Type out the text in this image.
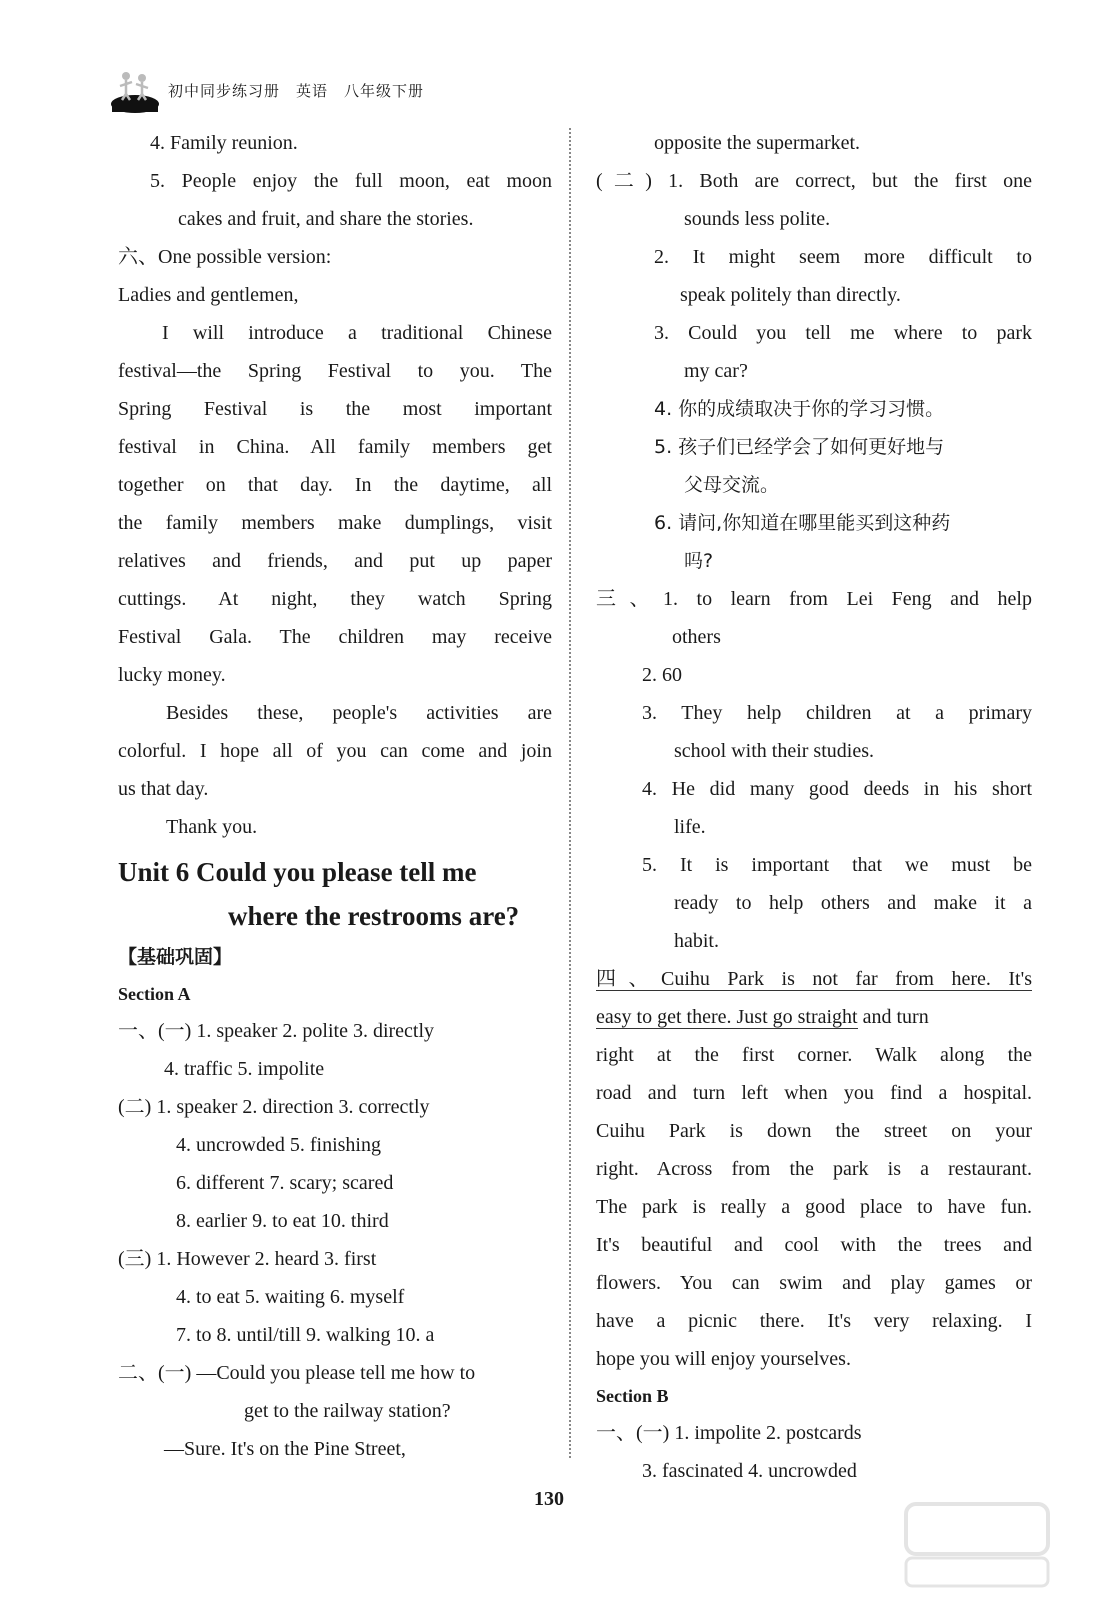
初中同步练习册 英语 八年级下册
4. Family reunion.
5. People enjoy the full moon, eat moon
cakes and fruit, and share the stories.
六、One possible version:
Ladies and gentlemen,
I will introduce a traditional Chinese
festival—the Spring Festival to you. The
Spring Festival is the most important
festival in China. All family members get
together on that day. In the daytime, all
the family members make dumplings, visit
relatives and friends, and put up paper
cuttings. At night, they watch Spring
Festival Gala. The children may receive
lucky money.
Besides these, people's activities are
colorful. I hope all of you can come and join
us that day.
Thank you.
Unit 6 Could you please tell me
where the restrooms are?
【基础巩固】
Section A
一、(一) 1. speaker 2. polite 3. directly
4. traffic 5. impolite
(二) 1. speaker 2. direction 3. correctly
4. uncrowded 5. finishing
6. different 7. scary; scared
8. earlier 9. to eat 10. third
(三) 1. However 2. heard 3. first
4. to eat 5. waiting 6. myself
7. to 8. until/till 9. walking 10. a
二、(一) —Could you please tell me how to
get to the railway station?
—Sure. It's on the Pine Street,
opposite the supermarket.
(二) 1. Both are correct, but the first one
sounds less polite.
2. It might seem more difficult to
speak politely than directly.
3. Could you tell me where to park
my car?
4. 你的成绩取决于你的学习习惯。
5. 孩子们已经学会了如何更好地与
父母交流。
6. 请问,你知道在哪里能买到这种药
吗?
三、1. to learn from Lei Feng and help
others
2. 60
3. They help children at a primary
school with their studies.
4. He did many good deeds in his short
life.
5. It is important that we must be
ready to help others and make it a
habit.
四、Cuihu Park is not far from here. It's
easy to get there. Just go straight and turn
right at the first corner. Walk along the
road and turn left when you find a hospital.
Cuihu Park is down the street on your
right. Across from the park is a restaurant.
The park is really a good place to have fun.
It's beautiful and cool with the trees and
flowers. You can swim and play games or
have a picnic there. It's very relaxing. I
hope you will enjoy yourselves.
Section B
一、(一) 1. impolite 2. postcards
3. fascinated 4. uncrowded
130
